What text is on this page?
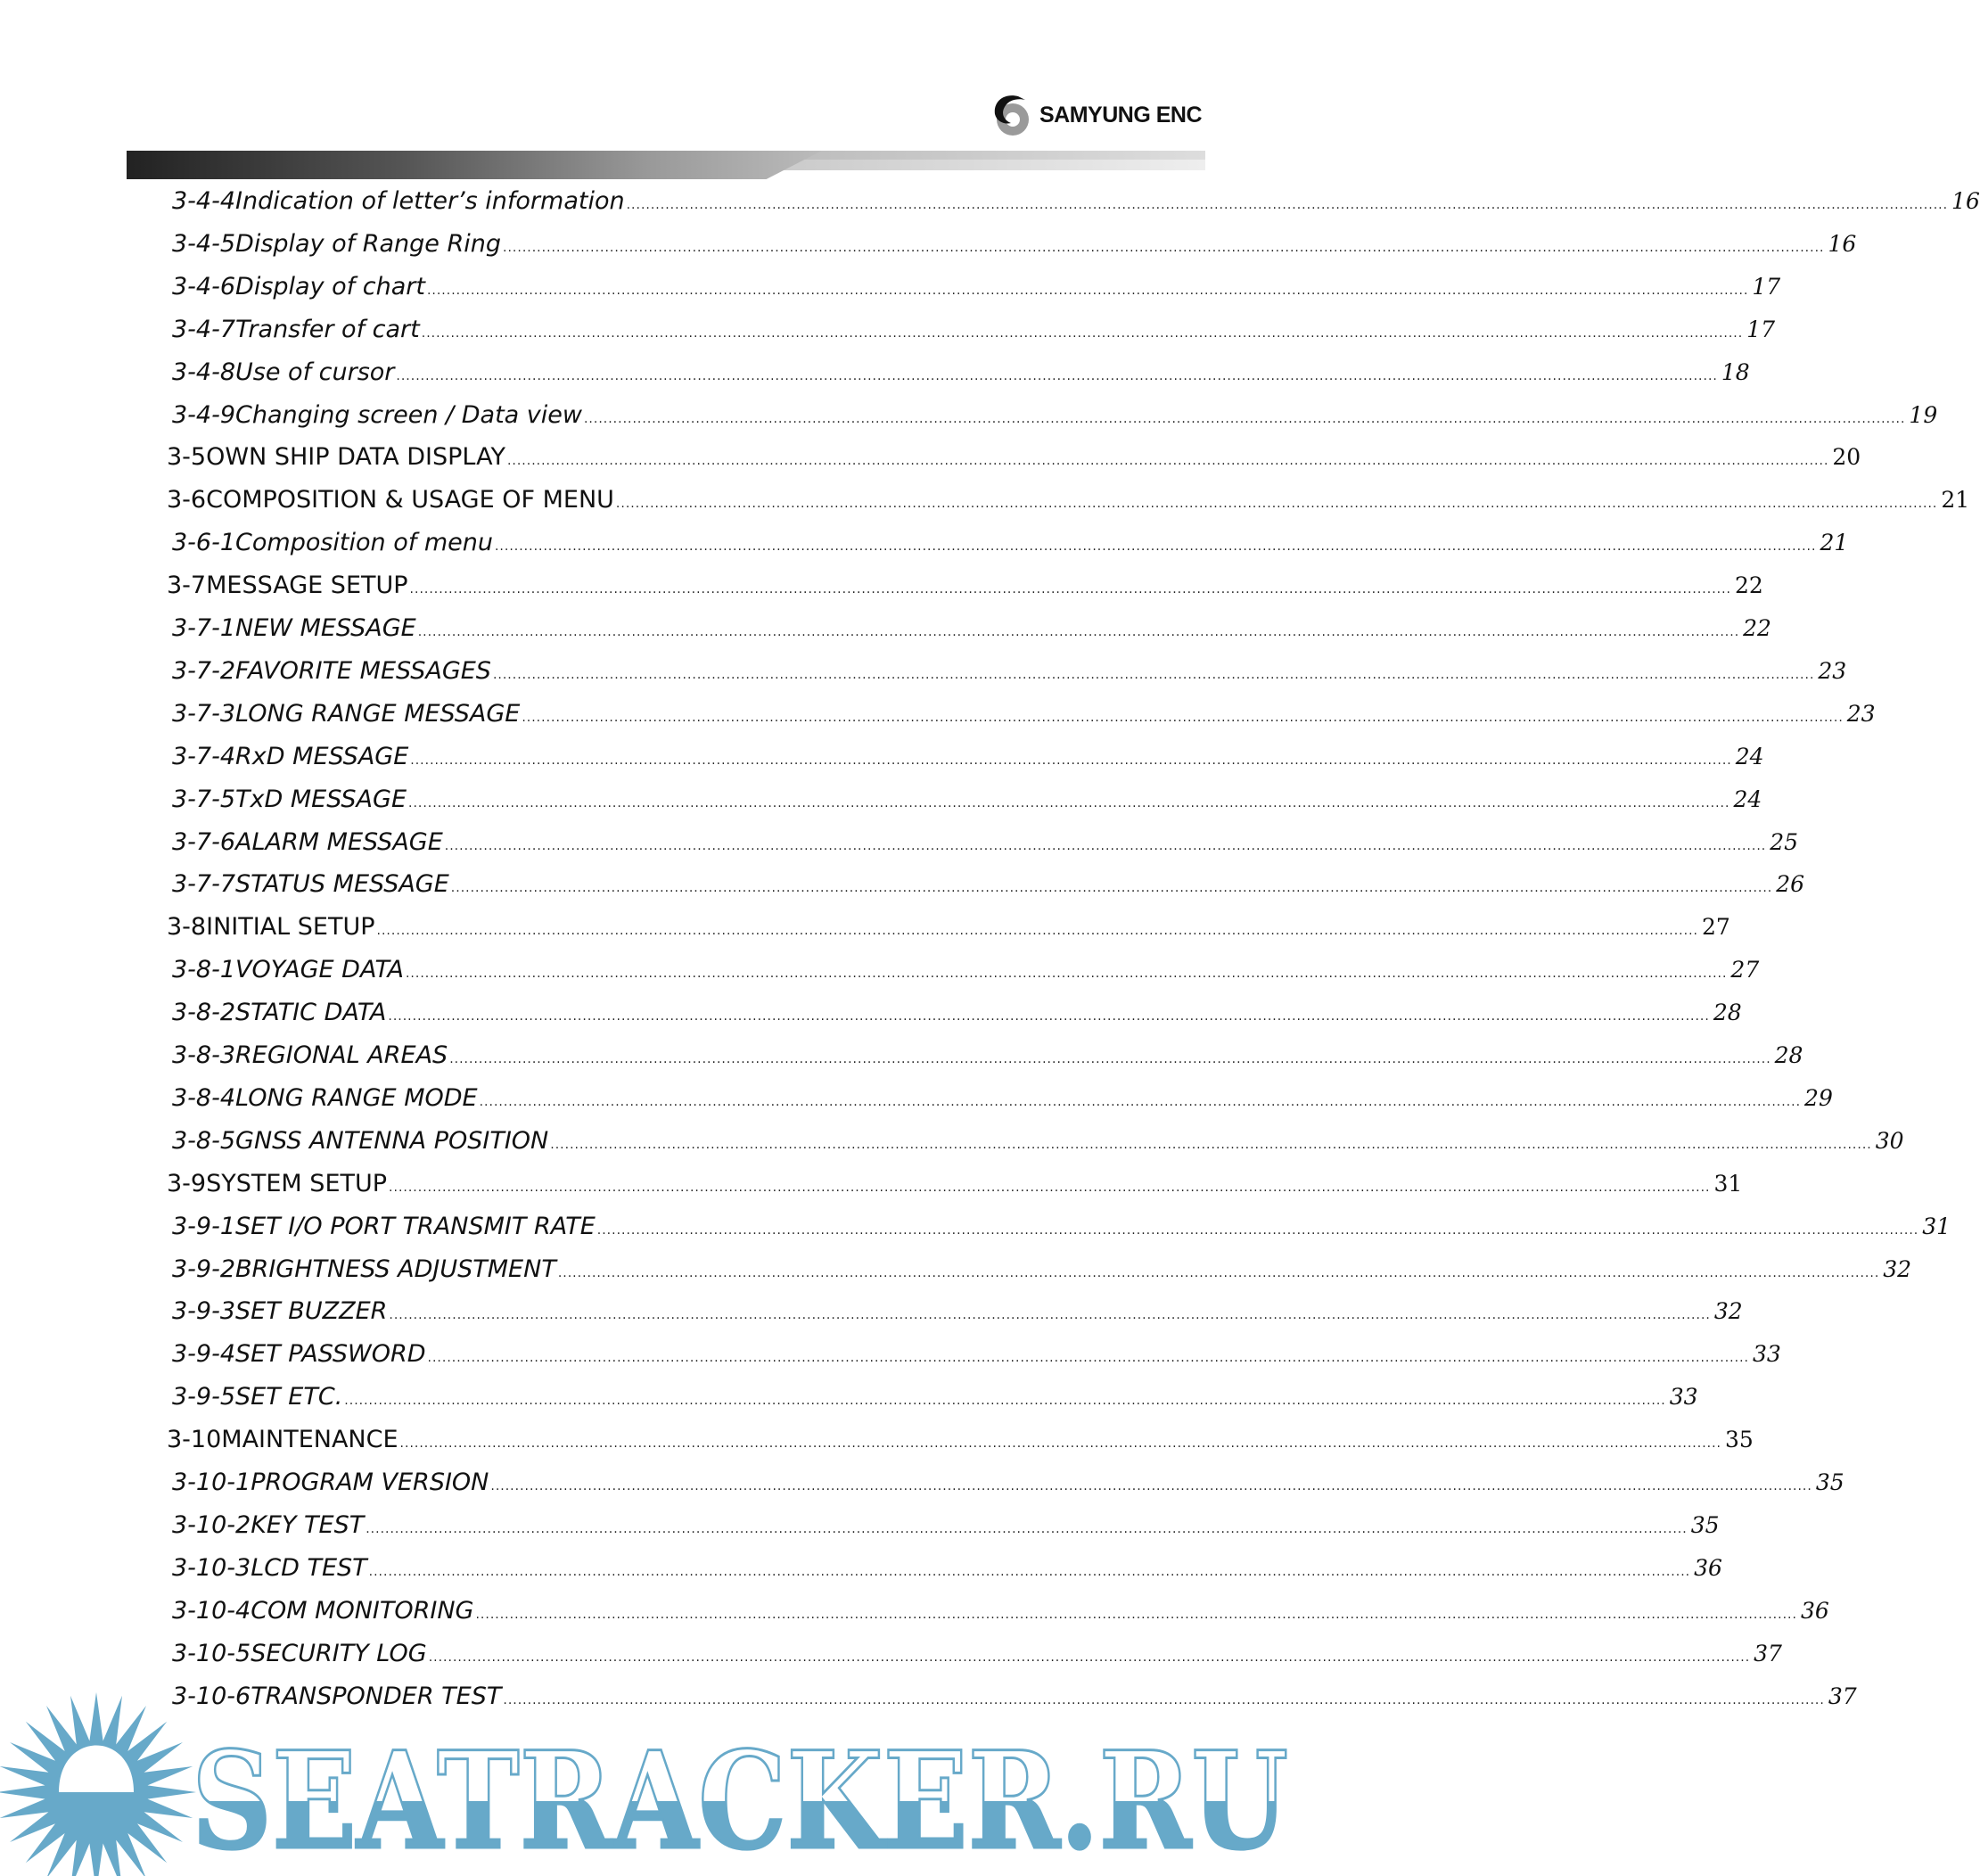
SAMYUNG ENC
3-4-4 Indication of letter’s information .....	16
3-4-5 Display of Range Ring .....	16
3-4-6 Display of chart .....	17
3-4-7 Transfer of cart .....	17
3-4-8 Use of cursor .....	18
3-4-9 Changing screen / Data view .....	19
3-5 OWN SHIP DATA DISPLAY .....	20
3-6 COMPOSITION & USAGE OF MENU .....	21
3-6-1 Composition of menu .....	21
3-7 MESSAGE SETUP .....	22
3-7-1 NEW MESSAGE .....	22
3-7-2 FAVORITE MESSAGES .....	23
3-7-3 LONG RANGE MESSAGE .....	23
3-7-4 RxD MESSAGE .....	24
3-7-5 TxD MESSAGE .....	24
3-7-6 ALARM MESSAGE .....	25
3-7-7 STATUS MESSAGE .....	26
3-8 INITIAL SETUP .....	27
3-8-1 VOYAGE DATA .....	27
3-8-2 STATIC DATA .....	28
3-8-3 REGIONAL AREAS .....	28
3-8-4 LONG RANGE MODE .....	29
3-8-5 GNSS ANTENNA POSITION .....	30
3-9 SYSTEM SETUP .....	31
3-9-1 SET I/O PORT TRANSMIT RATE .....	31
3-9-2 BRIGHTNESS ADJUSTMENT .....	32
3-9-3 SET BUZZER .....	32
3-9-4 SET PASSWORD .....	33
3-9-5 SET ETC. .....	33
3-10 MAINTENANCE .....	35
3-10-1 PROGRAM VERSION .....	35
3-10-2 KEY TEST .....	35
3-10-3 LCD TEST .....	36
3-10-4 COM MONITORING .....	36
3-10-5 SECURITY LOG .....	37
3-10-6 TRANSPONDER TEST .....	37
SEATRACKER.RU
